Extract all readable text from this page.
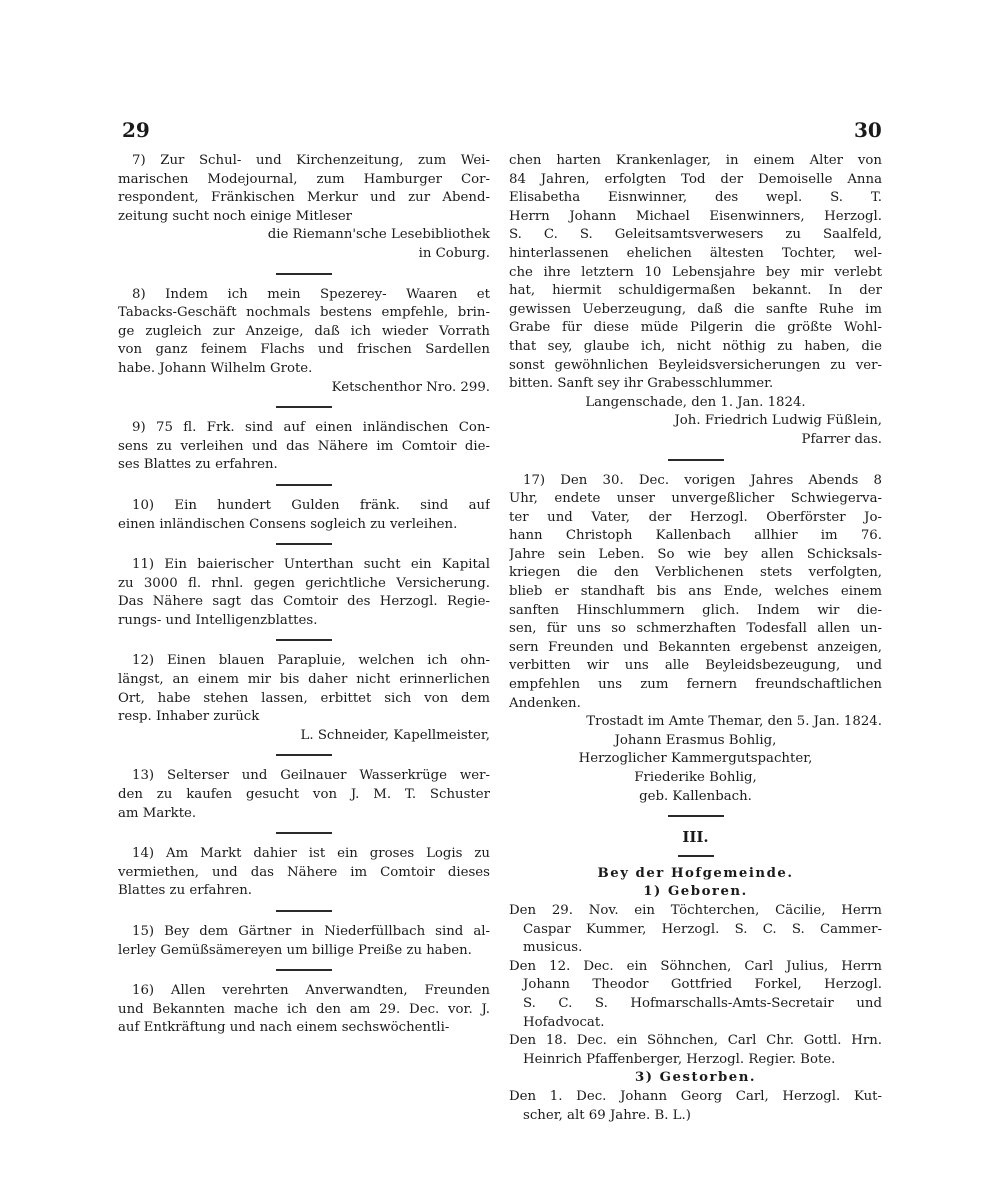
29	30
7) Zur Schul- und Kirchenzeitung, zum Wei-
marischen Modejournal, zum Hamburger Cor-
respondent, Fränkischen Merkur und zur Abend-
zeitung sucht noch einige Mitleser
die Riemann'sche Lesebibliothek
in Coburg.
8) Indem ich mein Spezerey- Waaren et
Tabacks-Geschäft nochmals bestens empfehle, brin-
ge zugleich zur Anzeige, daß ich wieder Vorrath
von ganz feinem Flachs und frischen Sardellen
habe. Johann Wilhelm Grote.
Ketschenthor Nro. 299.
9) 75 fl. Frk. sind auf einen inländischen Con-
sens zu verleihen und das Nähere im Comtoir die-
ses Blattes zu erfahren.
10) Ein hundert Gulden fränk. sind auf
einen inländischen Consens sogleich zu verleihen.
11) Ein baierischer Unterthan sucht ein Kapital
zu 3000 fl. rhnl. gegen gerichtliche Versicherung.
Das Nähere sagt das Comtoir des Herzogl. Regie-
rungs- und Intelligenzblattes.
12) Einen blauen Parapluie, welchen ich ohn-
längst, an einem mir bis daher nicht erinnerlichen
Ort, habe stehen lassen, erbittet sich von dem
resp. Inhaber zurück
L. Schneider, Kapellmeister,
13) Selterser und Geilnauer Wasserkrüge wer-
den zu kaufen gesucht von J. M. T. Schuster
am Markte.
14) Am Markt dahier ist ein groses Logis zu
vermiethen, und das Nähere im Comtoir dieses
Blattes zu erfahren.
15) Bey dem Gärtner in Niederfüllbach sind al-
lerley Gemüßsämereyen um billige Preiße zu haben.
16) Allen verehrten Anverwandten, Freunden
und Bekannten mache ich den am 29. Dec. vor. J.
auf Entkräftung und nach einem sechswöchentli-
chen harten Krankenlager, in einem Alter von
84 Jahren, erfolgten Tod der Demoiselle Anna
Elisabetha Eisnwinner, des wepl. S. T.
Herrn Johann Michael Eisenwinners, Herzogl.
S. C. S. Geleitsamtsverwesers zu Saalfeld,
hinterlassenen ehelichen ältesten Tochter, wel-
che ihre letztern 10 Lebensjahre bey mir verlebt
hat, hiermit schuldigermaßen bekannt. In der
gewissen Ueberzeugung, daß die sanfte Ruhe im
Grabe für diese müde Pilgerin die größte Wohl-
that sey, glaube ich, nicht nöthig zu haben, die
sonst gewöhnlichen Beyleidsversicherungen zu ver-
bitten. Sanft sey ihr Grabesschlummer.
Langenschade, den 1. Jan. 1824.
Joh. Friedrich Ludwig Füßlein,
Pfarrer das.
17) Den 30. Dec. vorigen Jahres Abends 8
Uhr, endete unser unvergeßlicher Schwiegerva-
ter und Vater, der Herzogl. Oberförster Jo-
hann Christoph Kallenbach allhier im 76.
Jahre sein Leben. So wie bey allen Schicksals-
kriegen die den Verblichenen stets verfolgten,
blieb er standhaft bis ans Ende, welches einem
sanften Hinschlummern glich. Indem wir die-
sen, für uns so schmerzhaften Todesfall allen un-
sern Freunden und Bekannten ergebenst anzeigen,
verbitten wir uns alle Beyleidsbezeugung, und
empfehlen uns zum fernern freundschaftlichen
Andenken.
Trostadt im Amte Themar, den 5. Jan. 1824.
Johann Erasmus Bohlig,
Herzoglicher Kammergutspachter,
Friederike Bohlig,
geb. Kallenbach.
III.
Bey der Hofgemeinde.
1) Geboren.
Den 29. Nov. ein Töchterchen, Cäcilie, Herrn
Caspar Kummer, Herzogl. S. C. S. Cammer-
musicus.
Den 12. Dec. ein Söhnchen, Carl Julius, Herrn
Johann Theodor Gottfried Forkel, Herzogl.
S. C. S. Hofmarschalls-Amts-Secretair und
Hofadvocat.
Den 18. Dec. ein Söhnchen, Carl Chr. Gottl. Hrn.
Heinrich Pfaffenberger, Herzogl. Regier. Bote.
3) Gestorben.
Den 1. Dec. Johann Georg Carl, Herzogl. Kut-
scher, alt 69 Jahre. B. L.)
